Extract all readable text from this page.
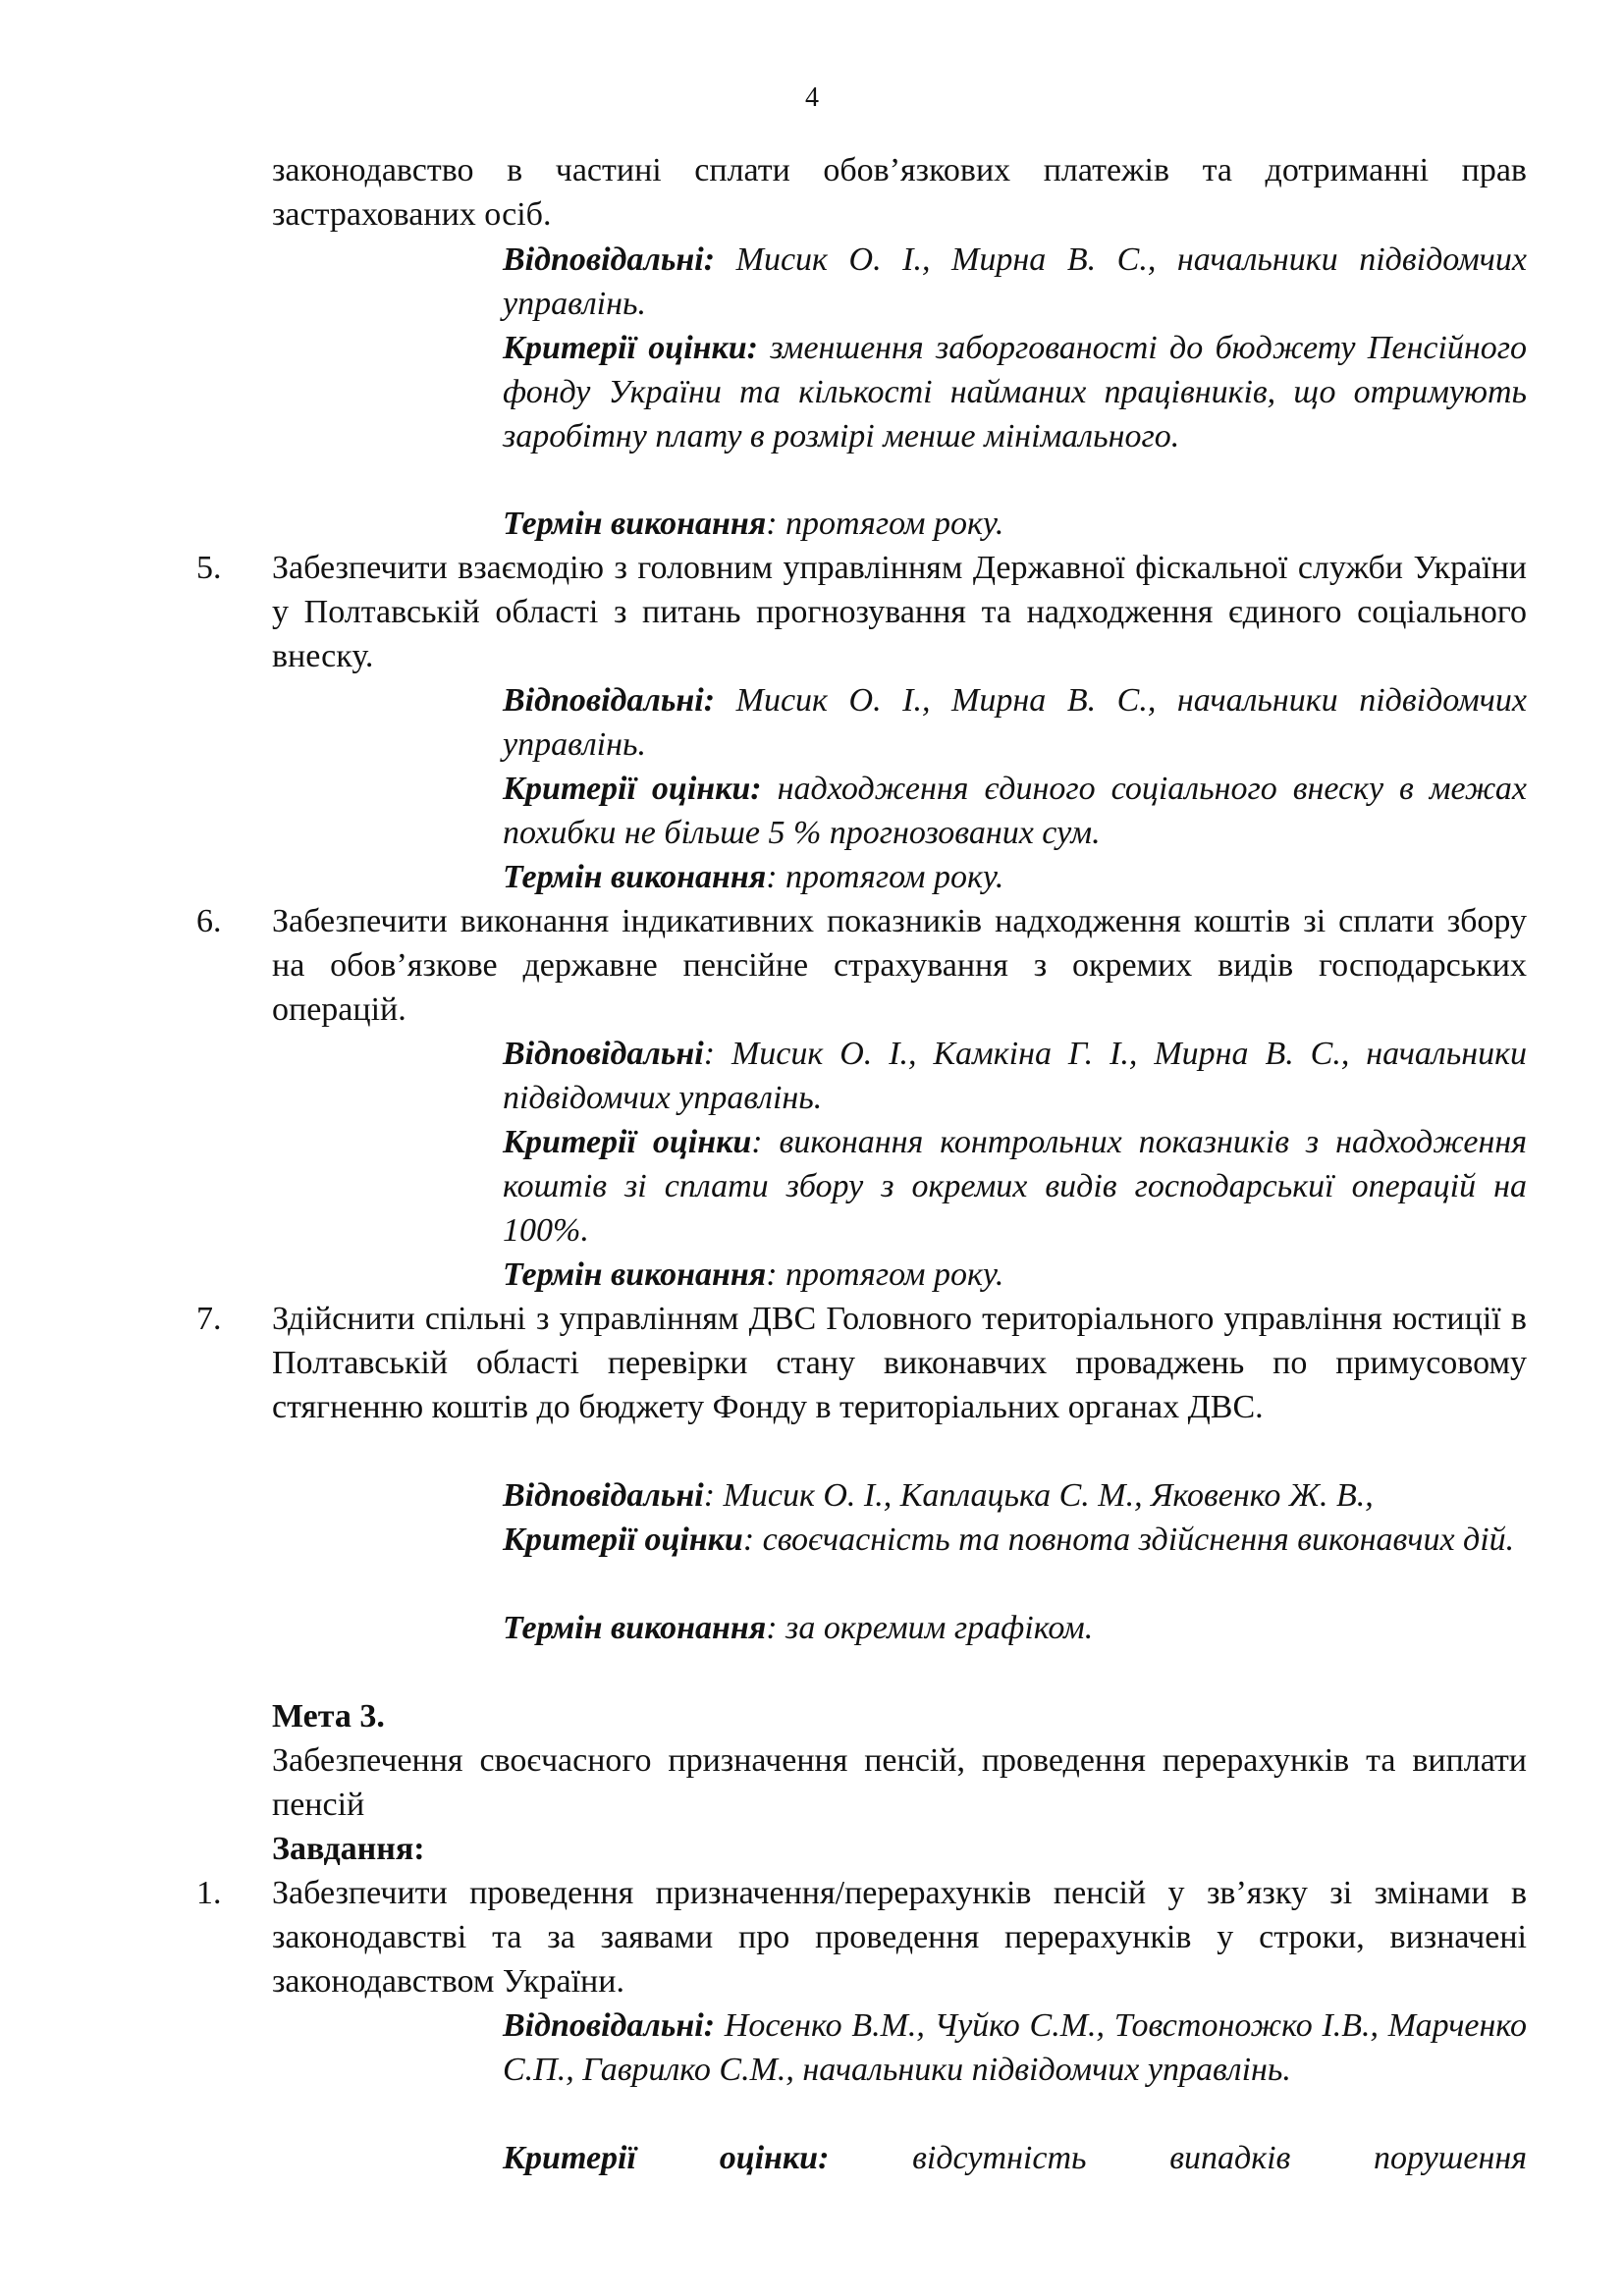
4
законодавство в частині сплати обов’язкових платежів та дотриманні прав застрахованих осіб.
Відповідальні: Мисик О. І., Мирна В. С., начальники підвідомчих управлінь.
Критерії оцінки: зменшення заборгованості до бюджету Пенсійного фонду України та кількості найманих працівників, що отримують заробітну плату в розмірі менше мінімального.
Термін виконання: протягом року.
5. Забезпечити взаємодію з головним управлінням Державної фіскальної служби України у Полтавській області з питань прогнозування та надходження єдиного соціального внеску.
Відповідальні: Мисик О. І., Мирна В. С., начальники підвідомчих управлінь.
Критерії оцінки: надходження єдиного соціального внеску в межах похибки не більше 5 % прогнозованих сум.
Термін виконання: протягом року.
6. Забезпечити виконання індикативних показників надходження коштів зі сплати збору на обов’язкове державне пенсійне страхування з окремих видів господарських операцій.
Відповідальні: Мисик О. І., Камкіна Г. І., Мирна В. С., начальники підвідомчих управлінь.
Критерії оцінки: виконання контрольних показників з надходження коштів зі сплати збору з окремих видів господарськиї операцій на 100%.
Термін виконання: протягом року.
7. Здійснити спільні з управлінням ДВС Головного територіального управління юстиції в Полтавській області перевірки стану виконавчих проваджень по примусовому стягненню коштів до бюджету Фонду в територіальних органах ДВС.
Відповідальні: Мисик О. І., Каплацька С. М., Яковенко Ж. В.,
Критерії оцінки: своєчасність та повнота здійснення виконавчих дій.
Термін виконання: за окремим графіком.
Мета 3.
Забезпечення своєчасного призначення пенсій, проведення перерахунків та виплати пенсій
Завдання:
1. Забезпечити проведення призначення/перерахунків пенсій у зв’язку зі змінами в законодавстві та за заявами про проведення перерахунків у строки, визначені законодавством України.
Відповідальні: Носенко В.М., Чуйко С.М., Товстоножко І.В., Марченко С.П., Гаврилко С.М., начальники підвідомчих управлінь.
Критерії оцінки: відсутність випадків порушення
